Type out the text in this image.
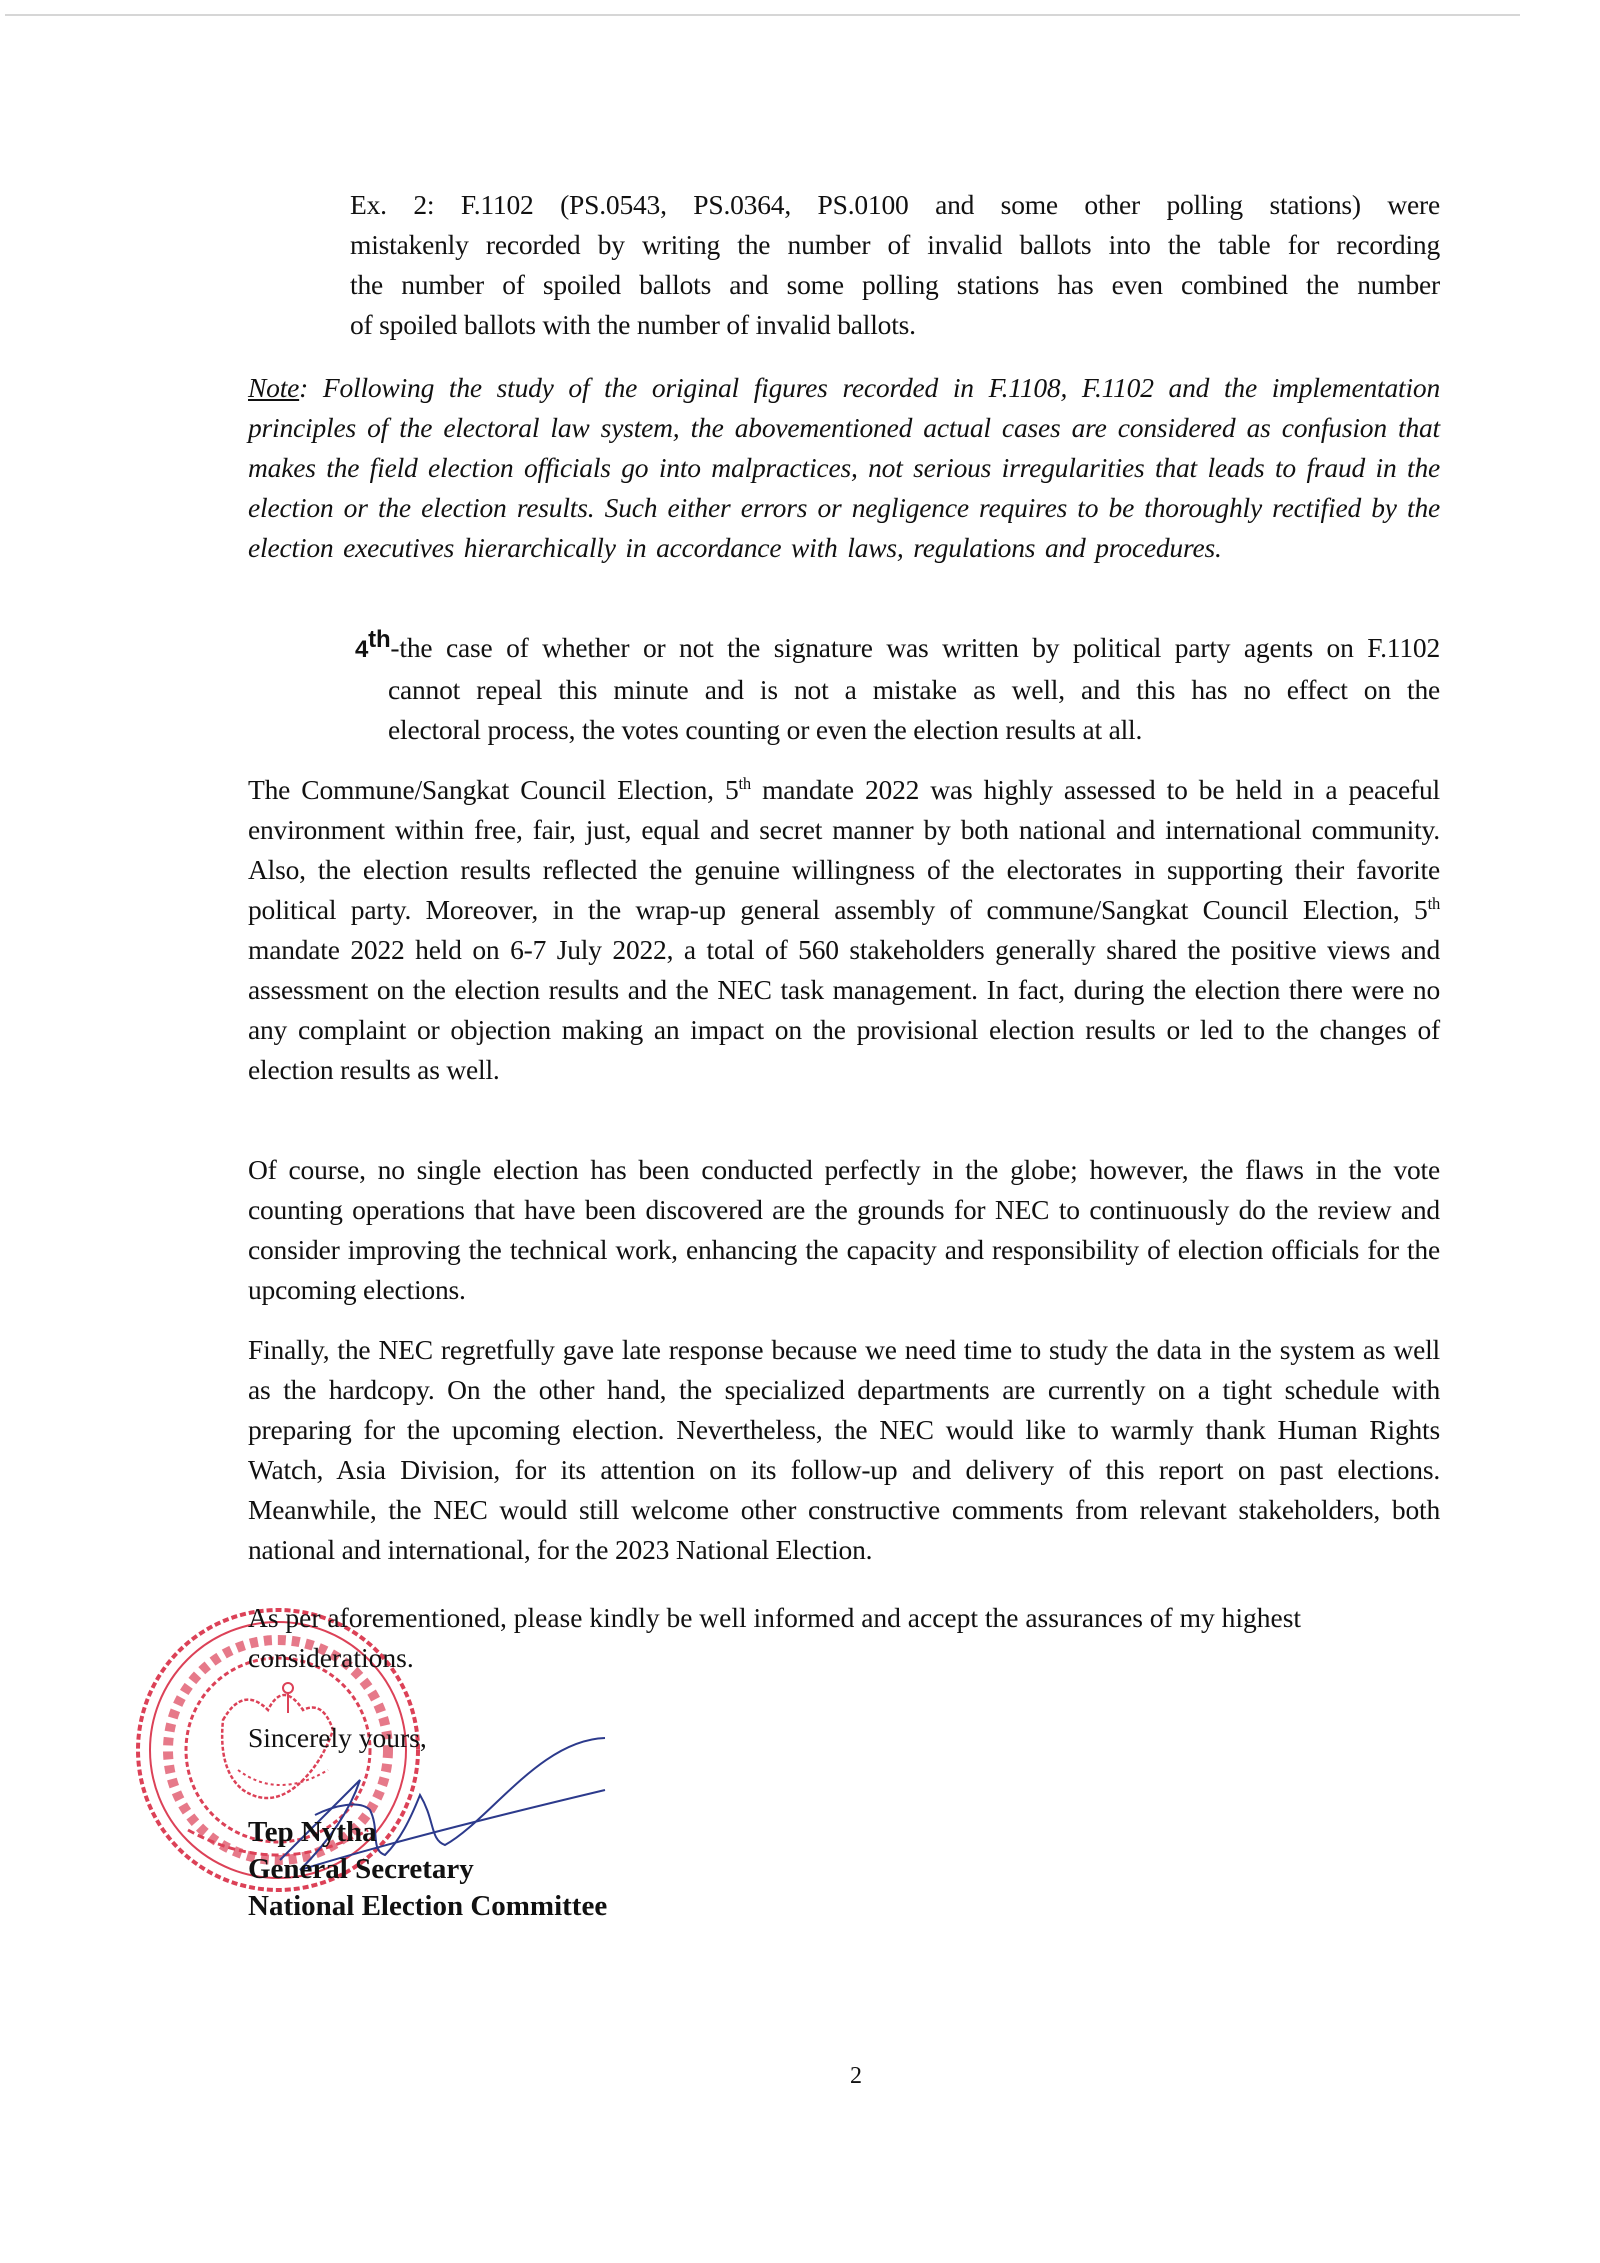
Ex. 2: F.1102 (PS.0543, PS.0364, PS.0100 and some other polling stations) were
mistakenly recorded by writing the number of invalid ballots into the table for recording
the number of spoiled ballots and some polling stations has even combined the number
of spoiled ballots with the number of invalid ballots.

Note: Following the study of the original figures recorded in F.1108, F.1102 and the implementation principles of the electoral law system, the abovementioned actual cases are considered as confusion that makes the field election officials go into malpractices, not serious irregularities that leads to fraud in the election or the election results. Such either errors or negligence requires to be thoroughly rectified by the election executives hierarchically in accordance with laws, regulations and procedures.

4th-the case of whether or not the signature was written by political party agents on F.1102
cannot repeal this minute and is not a mistake as well, and this has no effect on the
electoral process, the votes counting or even the election results at all.

The Commune/Sangkat Council Election, 5th mandate 2022 was highly assessed to be held in a peaceful environment within free, fair, just, equal and secret manner by both national and international community. Also, the election results reflected the genuine willingness of the electorates in supporting their favorite political party. Moreover, in the wrap-up general assembly of commune/Sangkat Council Election, 5th mandate 2022 held on 6-7 July 2022, a total of 560 stakeholders generally shared the positive views and assessment on the election results and the NEC task management. In fact, during the election there were no any complaint or objection making an impact on the provisional election results or led to the changes of election results as well.

Of course, no single election has been conducted perfectly in the globe; however, the flaws in the vote counting operations that have been discovered are the grounds for NEC to continuously do the review and consider improving the technical work, enhancing the capacity and responsibility of election officials for the upcoming elections.

Finally, the NEC regretfully gave late response because we need time to study the data in the system as well as the hardcopy. On the other hand, the specialized departments are currently on a tight schedule with preparing for the upcoming election. Nevertheless, the NEC would like to warmly thank Human Rights Watch, Asia Division, for its attention on its follow-up and delivery of this report on past elections. Meanwhile, the NEC would still welcome other constructive comments from relevant stakeholders, both national and international, for the 2023 National Election.

As per aforementioned, please kindly be well informed and accept the assurances of my highest

considerations.

Sincerely yours,

Tep Nytha

General Secretary

National Election Committee

2
